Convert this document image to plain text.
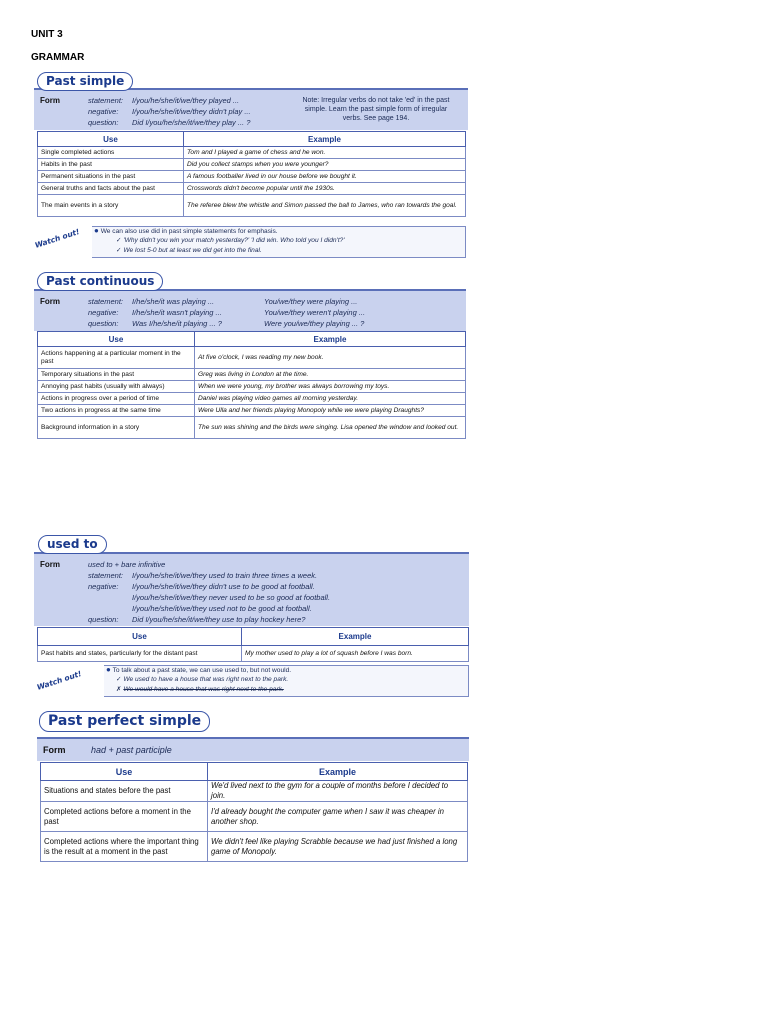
UNIT 3
GRAMMAR
Past simple
Form	statement: I/you/he/she/it/we/they played ...
negative: I/you/he/she/it/we/they didn't play ...
question: Did I/you/he/she/it/we/they play ... ?
Note: Irregular verbs do not take 'ed' in the past simple. Learn the past simple form of irregular verbs. See page 194.
Use	Example
Single completed actions	Tom and I played a game of chess and he won.
Habits in the past	Did you collect stamps when you were younger?
Permanent situations in the past	A famous footballer lived in our house before we bought it.
General truths and facts about the past	Crosswords didn't become popular until the 1930s.
The main events in a story	The referee blew the whistle and Simon passed the ball to James, who ran towards the goal.
Watch out! ● We can also use did in past simple statements for emphasis.
✓ 'Why didn't you win your match yesterday?' 'I did win. Who told you I didn't?'
✓ We lost 5-0 but at least we did get into the final.
Past continuous
Form	statement: I/he/she/it was playing ...	You/we/they were playing ...
negative: I/he/she/it wasn't playing ...	You/we/they weren't playing ...
question: Was I/he/she/it playing ... ?	Were you/we/they playing ... ?
Use	Example
Actions happening at a particular moment in the past	At five o'clock, I was reading my new book.
Temporary situations in the past	Greg was living in London at the time.
Annoying past habits (usually with always)	When we were young, my brother was always borrowing my toys.
Actions in progress over a period of time	Daniel was playing video games all morning yesterday.
Two actions in progress at the same time	Were Ulla and her friends playing Monopoly while we were playing Draughts?
Background information in a story	The sun was shining and the birds were singing. Lisa opened the window and looked out.
used to
Form	used to + bare infinitive
statement: I/you/he/she/it/we/they used to train three times a week.
negative: I/you/he/she/it/we/they didn't use to be good at football.
I/you/he/she/it/we/they never used to be so good at football.
I/you/he/she/it/we/they used not to be good at football.
question: Did I/you/he/she/it/we/they use to play hockey here?
Use	Example
Past habits and states, particularly for the distant past	My mother used to play a lot of squash before I was born.
Watch out!	● To talk about a past state, we can use used to, but not would.
✓ We used to have a house that was right next to the park.
✗ We would have a house that was right next to the park.
Past perfect simple
Form	had + past participle
Use	Example
Situations and states before the past	We'd lived next to the gym for a couple of months before I decided to join.
Completed actions before a moment in the past	I'd already bought the computer game when I saw it was cheaper in another shop.
Completed actions where the important thing is the result at a moment in the past	We didn't feel like playing Scrabble because we had just finished a long game of Monopoly.
